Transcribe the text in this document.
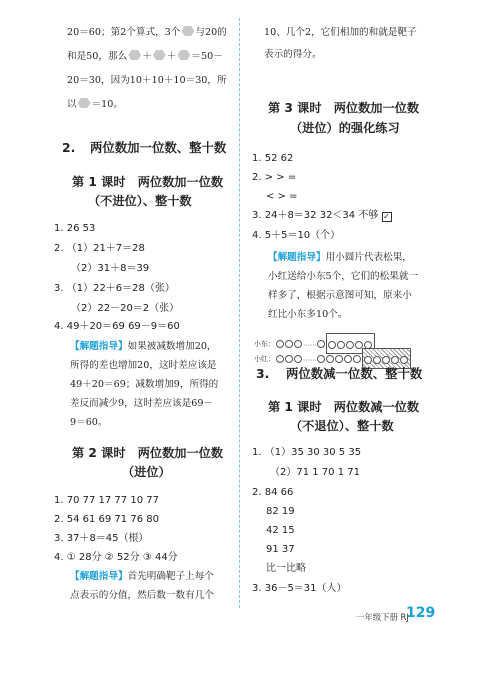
20＝60；第2个算式，3个 与20的
和是50，那么 ＋ ＋ ＝50－
20＝30，因为10＋10＋10＝30，所
以 ＝10。
2. 两位数加一位数、整十数
第 1 课时　两位数加一位数
（不进位）、整十数
1. 26 53
2. （1）21＋7＝28
（2）31＋8＝39
3. （1）22＋6＝28（张）
（2）22－20＝2（张）
4. 49＋20＝69 69－9＝60
【解题指导】如果被减数增加20，
所得的差也增加20，这时差应该是
49＋20＝69；减数增加9，所得的
差反而减少9，这时差应该是69－
9＝60。
第 2 课时　两位数加一位数
（进位）
1. 70 77 17 77 10 77
2. 54 61 69 71 76 80
3. 37＋8＝45（根）
4. ① 28分 ② 52分 ③ 44分
【解题指导】首先明确靶子上每个
点表示的分值，然后数一数有几个
10、几个2，它们相加的和就是靶子
表示的得分。
第 3 课时　两位数加一位数
（进位）的强化练习
1. 52 62
2. > > =
< > =
3. 24＋8＝32 32＜34 不够 ✓
4. 5＋5＝10（个）
【解题指导】用小圆片代表松果，
小红送给小东5个，它们的松果就一
样多了，根据示意图可知，原来小
红比小东多10个。
小东：	……
小红：	……
3. 两位数减一位数、整十数
第 1 课时　两位数减一位数
（不退位）、整十数
1. （1）35 30 30 5 35
（2）71 1 70 1 71
2. 84 66
82 19
42 15
91 37
比一比略
3. 36－5＝31（人）
一年级下册 RJ
129
